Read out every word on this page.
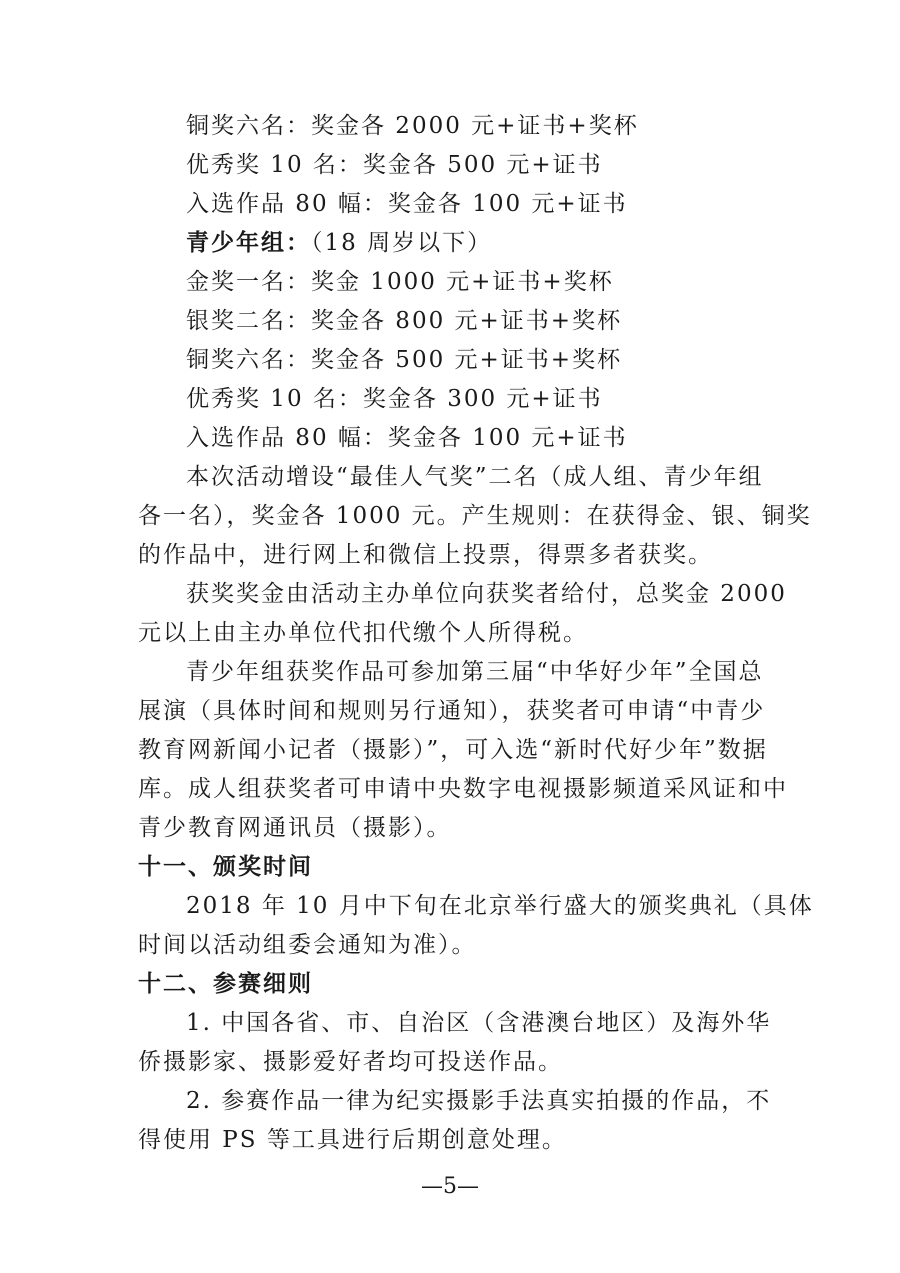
铜奖六名：奖金各 2000 元+证书+奖杯
优秀奖 10 名：奖金各 500 元+证书
入选作品 80 幅：奖金各 100 元+证书
青少年组：（18 周岁以下）
金奖一名：奖金 1000 元+证书+奖杯
银奖二名：奖金各 800 元+证书+奖杯
铜奖六名：奖金各 500 元+证书+奖杯
优秀奖 10 名：奖金各 300 元+证书
入选作品 80 幅：奖金各 100 元+证书
本次活动增设“最佳人气奖”二名（成人组、青少年组
各一名），奖金各 1000 元。产生规则：在获得金、银、铜奖
的作品中，进行网上和微信上投票，得票多者获奖。
获奖奖金由活动主办单位向获奖者给付，总奖金 2000
元以上由主办单位代扣代缴个人所得税。
青少年组获奖作品可参加第三届“中华好少年”全国总
展演（具体时间和规则另行通知），获奖者可申请“中青少
教育网新闻小记者（摄影）”，可入选“新时代好少年”数据
库。成人组获奖者可申请中央数字电视摄影频道采风证和中
青少教育网通讯员（摄影）。
十一、颁奖时间
2018 年 10 月中下旬在北京举行盛大的颁奖典礼（具体
时间以活动组委会通知为准）。
十二、参赛细则
1. 中国各省、市、自治区（含港澳台地区）及海外华
侨摄影家、摄影爱好者均可投送作品。
2. 参赛作品一律为纪实摄影手法真实拍摄的作品，不
得使用 PS 等工具进行后期创意处理。
—5—
